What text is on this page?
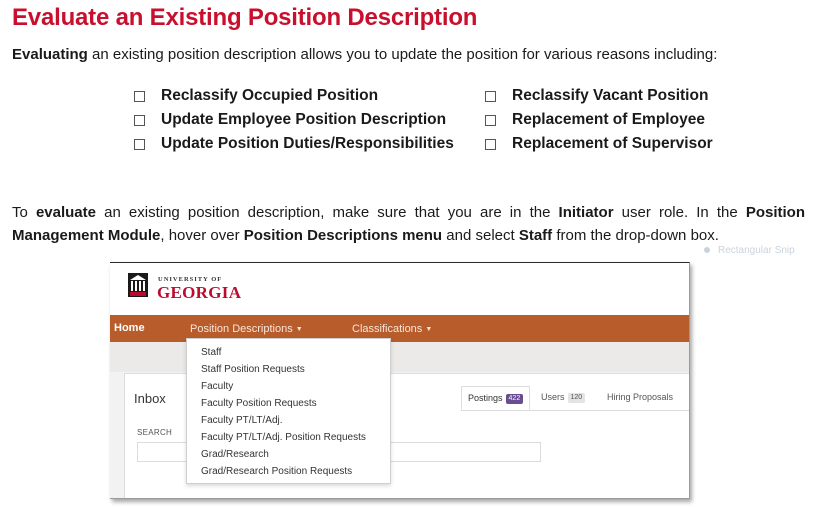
Evaluate an Existing Position Description
Evaluating an existing position description allows you to update the position for various reasons including:
Reclassify Occupied Position
Update Employee Position Description
Update Position Duties/Responsibilities
Reclassify Vacant Position
Replacement of Employee
Replacement of Supervisor
To evaluate an existing position description, make sure that you are in the Initiator user role. In the Position Management Module, hover over Position Descriptions menu and select Staff from the drop-down box.
Rectangular Snip
UNIVERSITY OF
GEORGIA
Home	Position Descriptions ▼	Classifications ▼
Inbox	Postings 422	Users 120	Hiring Proposals
SEARCH
Staff
Staff Position Requests
Faculty
Faculty Position Requests
Faculty PT/LT/Adj.
Faculty PT/LT/Adj. Position Requests
Grad/Research
Grad/Research Position Requests
